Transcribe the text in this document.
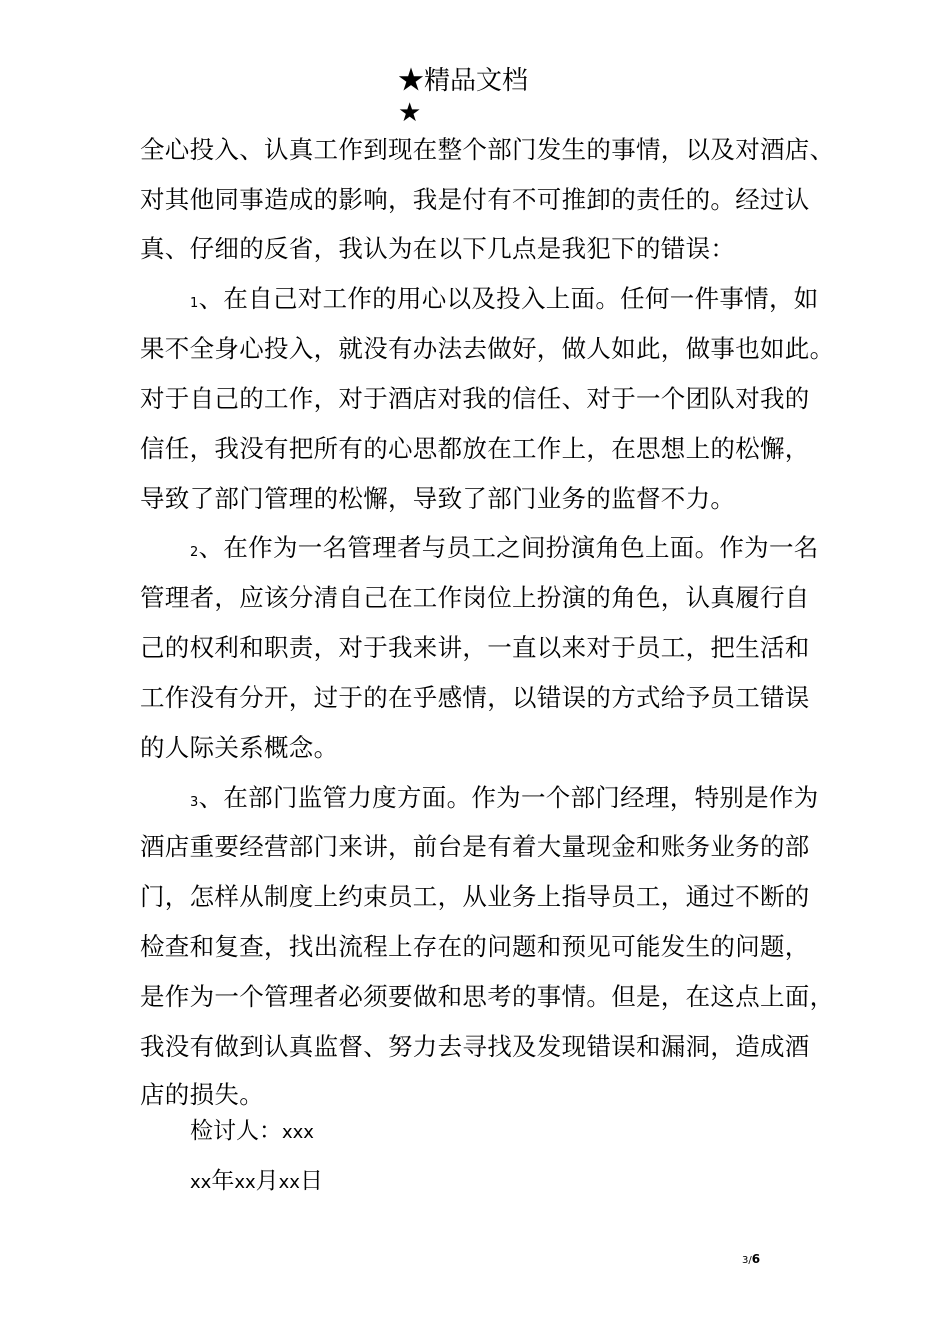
★精品文档
★
全心投入、认真工作到现在整个部门发生的事情，以及对酒店、
对其他同事造成的影响，我是付有不可推卸的责任的。经过认
真、仔细的反省，我认为在以下几点是我犯下的错误：
1、在自己对工作的用心以及投入上面。任何一件事情，如
果不全身心投入，就没有办法去做好，做人如此，做事也如此。
对于自己的工作，对于酒店对我的信任、对于一个团队对我的
信任，我没有把所有的心思都放在工作上，在思想上的松懈，
导致了部门管理的松懈，导致了部门业务的监督不力。
2、在作为一名管理者与员工之间扮演角色上面。作为一名
管理者，应该分清自己在工作岗位上扮演的角色，认真履行自
己的权利和职责，对于我来讲，一直以来对于员工，把生活和
工作没有分开，过于的在乎感情，以错误的方式给予员工错误
的人际关系概念。
3、在部门监管力度方面。作为一个部门经理，特别是作为
酒店重要经营部门来讲，前台是有着大量现金和账务业务的部
门，怎样从制度上约束员工，从业务上指导员工，通过不断的
检查和复查，找出流程上存在的问题和预见可能发生的问题，
是作为一个管理者必须要做和思考的事情。但是，在这点上面，
我没有做到认真监督、努力去寻找及发现错误和漏洞，造成酒
店的损失。
检讨人：xxx
xx年xx月xx日
3/6
